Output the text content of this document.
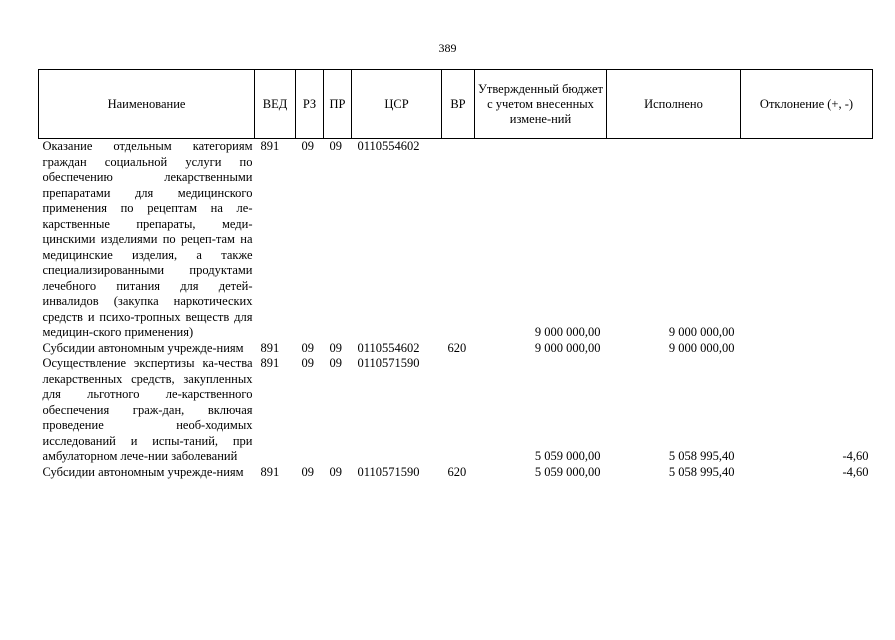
389
Наименование	ВЕД	РЗ	ПР	ЦСР	ВР	Утвержденный бюджет с учетом внесенных измене-ний	Исполнено	Отклонение (+, -)
Оказание отдельным категориям граждан социальной услуги по обеспечению лекарственными препаратами для медицинского применения по рецептам на ле-карственные препараты, меди-цинскими изделиями по рецеп-там на медицинские изделия, а также специализированными продуктами лечебного питания для детей-инвалидов (закупка наркотических средств и психо-тропных веществ для медицин-ского применения)	891	09	09	0110554602		9 000 000,00	9 000 000,00	
Субсидии автономным учрежде-ниям	891	09	09	0110554602	620	9 000 000,00	9 000 000,00	
Осуществление экспертизы ка-чества лекарственных средств, закупленных для льготного ле-карственного обеспечения граж-дан, включая проведение необ-ходимых исследований и испы-таний, при амбулаторном лече-нии заболеваний	891	09	09	0110571590		5 059 000,00	5 058 995,40	-4,60
Субсидии автономным учрежде-ниям	891	09	09	0110571590	620	5 059 000,00	5 058 995,40	-4,60
